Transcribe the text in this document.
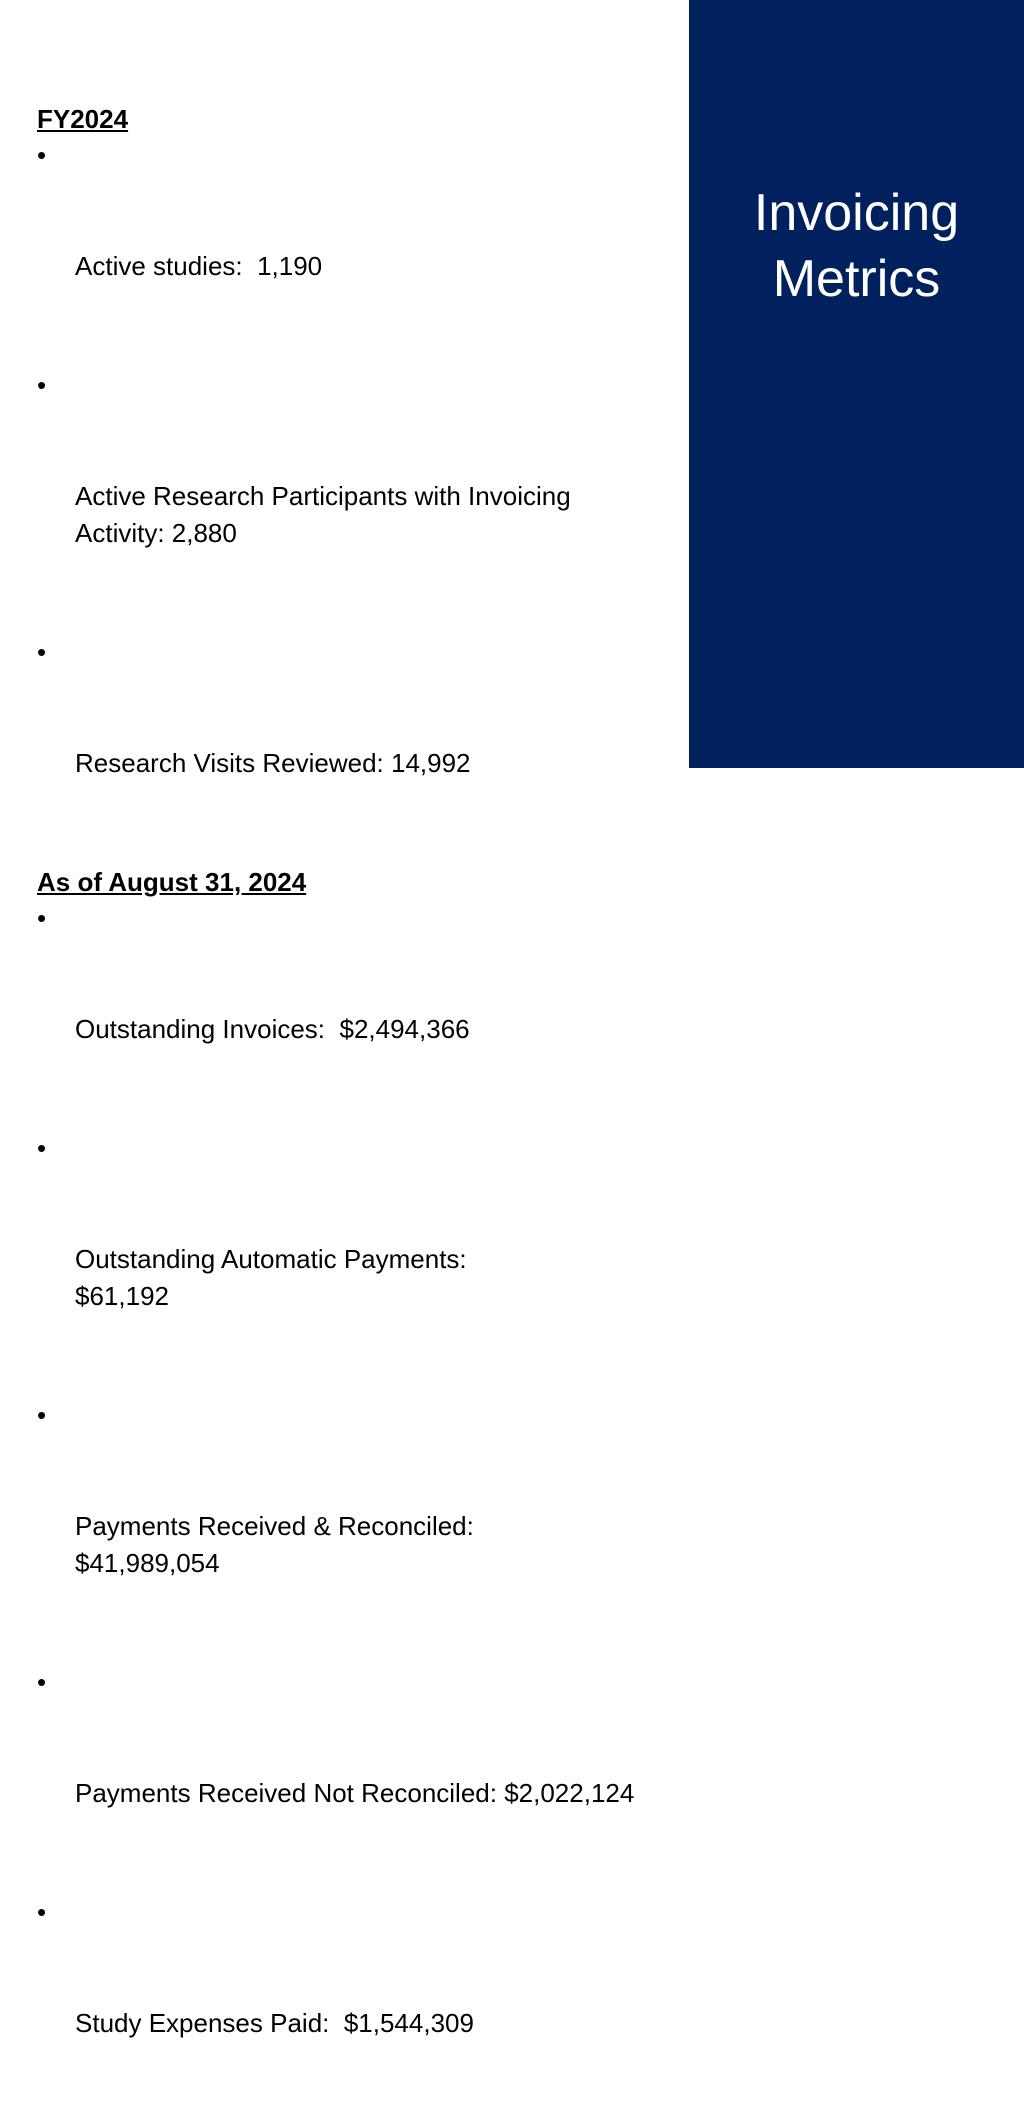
FY2024

•

Active studies:  1,190

•

Active Research Participants with Invoicing Activity: 2,880

•

Research Visits Reviewed: 14,992

As of August 31, 2024

•

Outstanding Invoices:  $2,494,366

•

Outstanding Automatic Payments: $61,192

•

Payments Received & Reconciled: $41,989,054

•

Payments Received Not Reconciled: $2,022,124

•

Study Expenses Paid:  $1,544,309

Invoicing
Metrics
